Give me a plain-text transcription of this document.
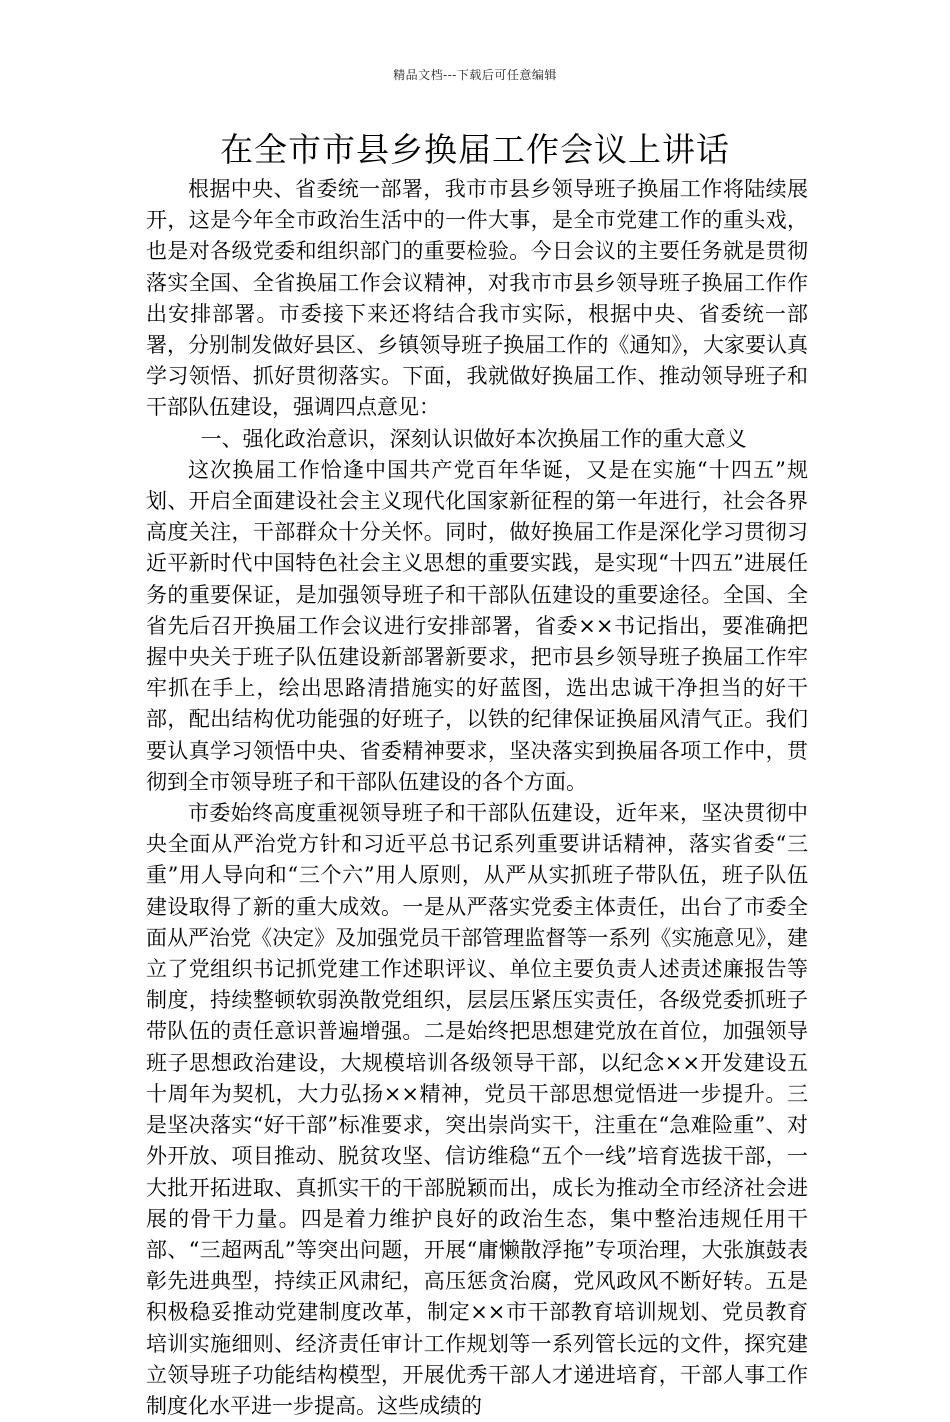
精品文档---下载后可任意编辑
在全市市县乡换届工作会议上讲话

根据中央、省委统一部署，我市市县乡领导班子换届工作将陆续展开，这是今年全市政治生活中的一件大事，是全市党建工作的重头戏，也是对各级党委和组织部门的重要检验。今日会议的主要任务就是贯彻落实全国、全省换届工作会议精神，对我市市县乡领导班子换届工作作出安排部署。市委接下来还将结合我市实际，根据中央、省委统一部署，分别制发做好县区、乡镇领导班子换届工作的《通知》，大家要认真学习领悟、抓好贯彻落实。下面，我就做好换届工作、推动领导班子和干部队伍建设，强调四点意见：

一、强化政治意识，深刻认识做好本次换届工作的重大意义

这次换届工作恰逢中国共产党百年华诞，又是在实施“十四五”规划、开启全面建设社会主义现代化国家新征程的第一年进行，社会各界高度关注，干部群众十分关怀。同时，做好换届工作是深化学习贯彻习近平新时代中国特色社会主义思想的重要实践，是实现“十四五”进展任务的重要保证，是加强领导班子和干部队伍建设的重要途径。全国、全省先后召开换届工作会议进行安排部署，省委××书记指出，要准确把握中央关于班子队伍建设新部署新要求，把市县乡领导班子换届工作牢牢抓在手上，绘出思路清措施实的好蓝图，选出忠诚干净担当的好干部，配出结构优功能强的好班子，以铁的纪律保证换届风清气正。我们要认真学习领悟中央、省委精神要求，坚决落实到换届各项工作中，贯彻到全市领导班子和干部队伍建设的各个方面。

市委始终高度重视领导班子和干部队伍建设，近年来，坚决贯彻中央全面从严治党方针和习近平总书记系列重要讲话精神，落实省委“三重”用人导向和“三个六”用人原则，从严从实抓班子带队伍，班子队伍建设取得了新的重大成效。一是从严落实党委主体责任，出台了市委全面从严治党《决定》及加强党员干部管理监督等一系列《实施意见》，建立了党组织书记抓党建工作述职评议、单位主要负责人述责述廉报告等制度，持续整顿软弱涣散党组织，层层压紧压实责任，各级党委抓班子带队伍的责任意识普遍增强。二是始终把思想建党放在首位，加强领导班子思想政治建设，大规模培训各级领导干部，以纪念××开发建设五十周年为契机，大力弘扬××精神，党员干部思想觉悟进一步提升。三是坚决落实“好干部”标准要求，突出崇尚实干，注重在“急难险重”、对外开放、项目推动、脱贫攻坚、信访维稳“五个一线”培育选拔干部，一大批开拓进取、真抓实干的干部脱颖而出，成长为推动全市经济社会进展的骨干力量。四是着力维护良好的政治生态，集中整治违规任用干部、“三超两乱”等突出问题，开展“庸懒散浮拖”专项治理，大张旗鼓表彰先进典型，持续正风肃纪，高压惩贪治腐，党风政风不断好转。五是积极稳妥推动党建制度改革，制定××市干部教育培训规划、党员教育培训实施细则、经济责任审计工作规划等一系列管长远的文件，探究建立领导班子功能结构模型，开展优秀干部人才递进培育，干部人事工作制度化水平进一步提高。这些成绩的
